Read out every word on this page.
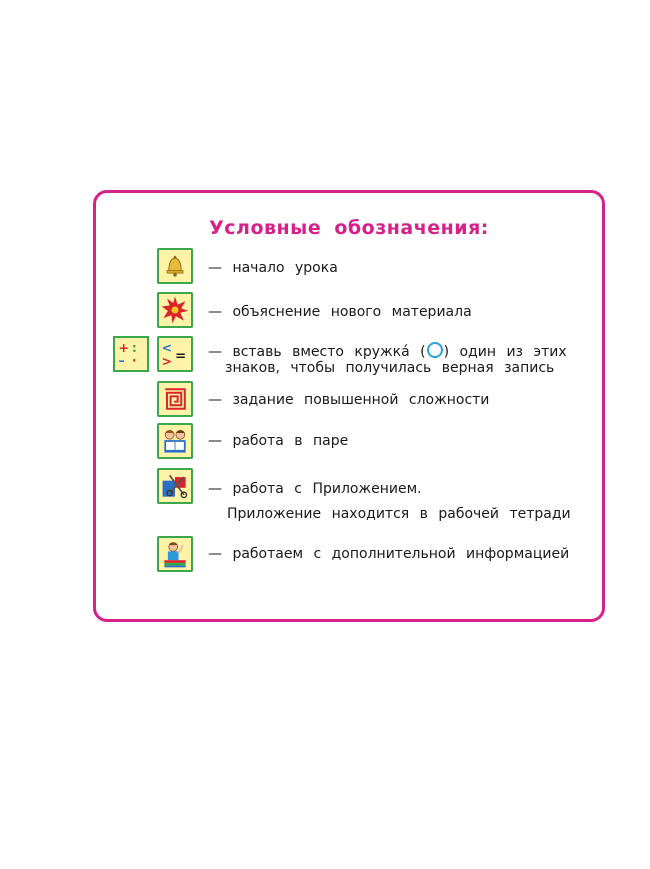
Условные обозначения:
— начало урока
— объяснение нового материала
+ :
– ·
<
> = — вставь вместо кружка́ ( ) один из этих
знаков, чтобы получилась верная запись
— задание повышенной сложности
— работа в паре
— работа с Приложением.
Приложение находится в рабочей тетради
— работаем с дополнительной информацией
